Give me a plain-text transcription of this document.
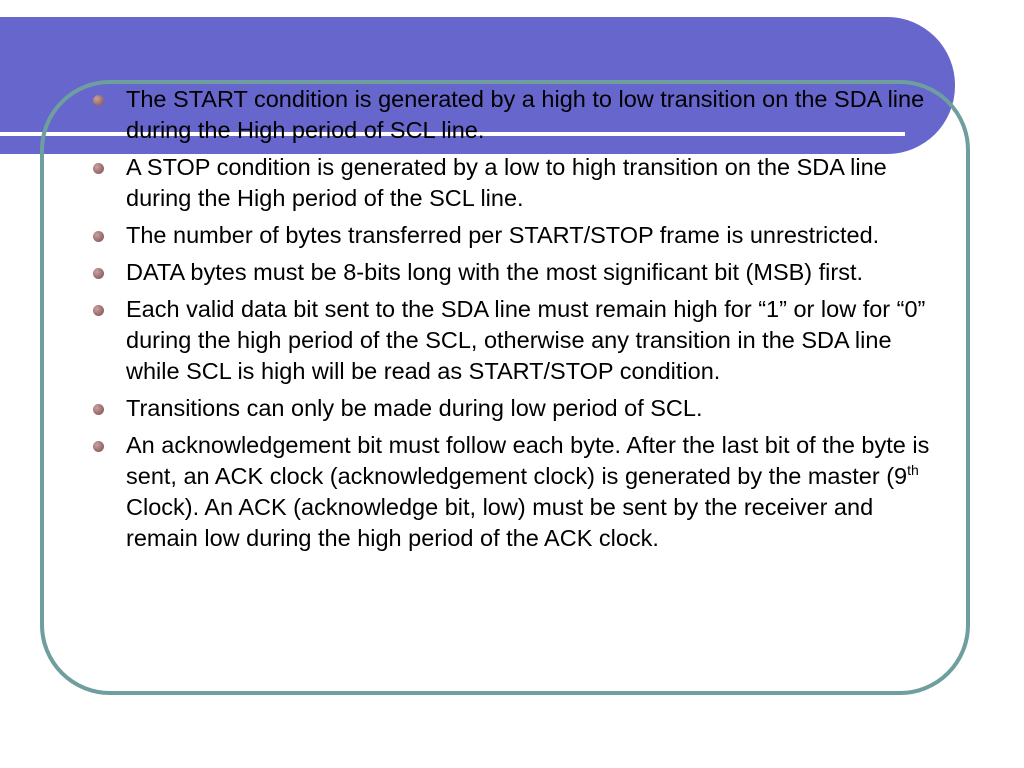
The START condition is generated by a high to low transition on the SDA line during the High period of SCL line.
A STOP condition is generated by a low to high transition on the SDA line during the High period of the SCL line.
The number of bytes transferred per START/STOP frame is unrestricted.
DATA bytes must be 8-bits long with the most significant bit (MSB) first.
Each valid data bit sent to the SDA line must remain high for “1” or low for “0” during the high period of the SCL, otherwise any transition in the SDA line while SCL is high will be read as START/STOP condition.
Transitions can only be made during low period of SCL.
An acknowledgement bit must follow each byte. After the last bit of the byte is sent, an ACK clock (acknowledgement clock) is generated by the master (9th Clock). An ACK (acknowledge bit, low) must be sent by the receiver and remain low during the high period of the ACK clock.
